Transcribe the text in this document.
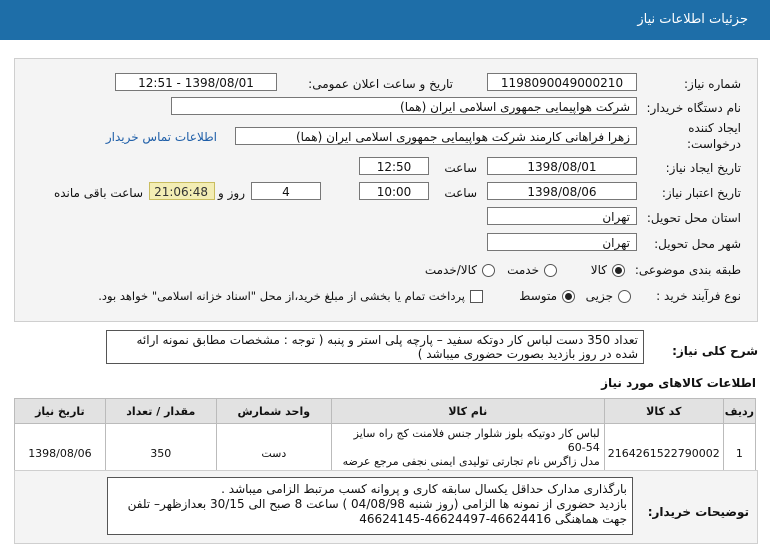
جزئیات اطلاعات نیاز
شماره نیاز:
1198090049000210
تاریخ و ساعت اعلان عمومی:
1398/08/01 - 12:51
نام دستگاه خریدار:
شرکت هواپیمایی جمهوری اسلامی ایران (هما)
ایجاد کننده
درخواست:
زهرا فراهانی کارمند شرکت هواپیمایی جمهوری اسلامی ایران (هما)
اطلاعات تماس خریدار
تاریخ ایجاد نیاز:
1398/08/01
ساعت
12:50
تاریخ اعتبار نیاز:
1398/08/06
ساعت
10:00
4
روز و
21:06:48
ساعت باقی مانده
استان محل تحویل:
تهران
شهر محل تحویل:
تهران
طبقه بندی موضوعی:
کالا
خدمت
کالا/خدمت
نوع فرآیند خرید :
جزیی
متوسط
پرداخت تمام یا بخشی از مبلغ خرید،از محل "اسناد خزانه اسلامی" خواهد بود.
شرح کلی نیاز:
تعداد 350 دست لباس کار دوتکه سفید – پارچه پلی استر و پنبه ( توجه : مشخصات مطابق نمونه ارائه
شده در روز بازدید بصورت حضوری میباشد )
اطلاعات کالاهای مورد نیاز
ردیف	کد کالا	نام کالا	واحد شمارش	مقدار / تعداد	تاریخ نیاز
1	2164261522790002	لباس کار دوتیکه بلوز شلوار جنس فلامنت کج راه سایز 54-60
مدل زاگرس نام تجارتی تولیدی ایمنی نجفی مرجع عرضه	دست	350	1398/08/06
توضیحات خریدار:
بارگذاری مدارک حداقل یکسال سابقه کاری و پروانه کسب مرتبط الزامی میباشد .
بازدید حضوری از نمونه ها الزامی (روز شنبه 04/08/98 ) ساعت 8 صبح الی 30/15 بعدازظهر– تلفن
جهت هماهنگی 46624416-46624497-46624145
